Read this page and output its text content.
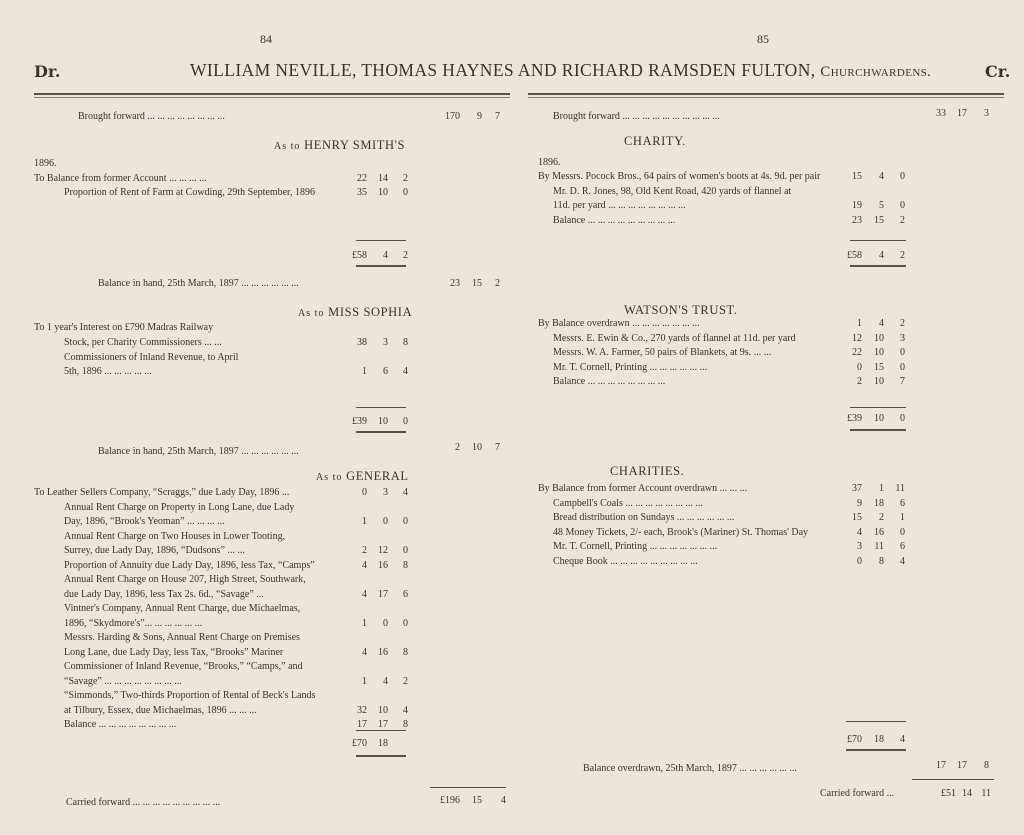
84	85
Dr.	Cr.
WILLIAM NEVILLE, THOMAS HAYNES AND RICHARD RAMSDEN FULTON, Churchwardens.
Brought forward ... ... ... ... ... ... ... ...	170	9	7
As to HENRY SMITH'S
1896.
To Balance from former Account ... ... ... ...	22	14	2
Proportion of Rent of Farm at Cowding, 29th September, 1896	35	10	0
£58	4	2
Balance in hand, 25th March, 1897 ... ... ... ... ... ...	23	15	2
As to MISS SOPHIA
To 1 year's Interest on £790 Madras Railway
Stock, per Charity Commissioners ... ...	38	3	8
Commissioners of Inland Revenue, to April
5th, 1896 ... ... ... ... ...	1	6	4
£39	10	0
Balance in hand, 25th March, 1897 ... ... ... ... ... ...	2	10	7
As to GENERAL
To Leather Sellers Company, “Scraggs,” due Lady Day, 1896 ...	0	3	4
Annual Rent Charge on Property in Long Lane, due Lady
Day, 1896, “Brook's Yeoman” ... ... ... ...	1	0	0
Annual Rent Charge on Two Houses in Lower Tooting,
Surrey, due Lady Day, 1896, “Dudsons” ... ...	2	12	0
Proportion of Annuity due Lady Day, 1896, less Tax, “Camps”	4	16	8
Annual Rent Charge on House 207, High Street, Southwark,
due Lady Day, 1896, less Tax 2s. 6d., “Savage” ...	4	17	6
Vintner's Company, Annual Rent Charge, due Michaelmas,
1896, “Skydmore's”... ... ... ... ... ...	1	0	0
Messrs. Harding & Sons, Annual Rent Charge on Premises
Long Lane, due Lady Day, less Tax, “Brooks” Mariner	4	16	8
Commissioner of Inland Revenue, “Brooks,” “Camps,” and
“Savage” ... ... ... ... ... ... ... ...	1	4	2
“Simmonds,” Two-thirds Proportion of Rental of Beck's Lands
at Tilbury, Essex, due Michaelmas, 1896 ... ... ...	32	10	4
Balance ... ... ... ... ... ... ... ...	17	17	8
£70	18
Carried forward ... ... ... ... ... ... ... ... ...	£196	15	4
Brought forward ... ... ... ... ... ... ... ... ... ...	33	17	3
CHARITY.
1896.
By Messrs. Pocock Bros., 64 pairs of women's boots at 4s. 9d. per pair	15	4	0
Mr. D. R. Jones, 98, Old Kent Road, 420 yards of flannel at
11d. per yard ... ... ... ... ... ... ... ...	19	5	0
Balance ... ... ... ... ... ... ... ... ...	23	15	2
£58	4	2
WATSON'S TRUST.
By Balance overdrawn ... ... ... ... ... ... ...	1	4	2
Messrs. E. Ewin & Co., 270 yards of flannel at 11d. per yard	12	10	3
Messrs. W. A. Farmer, 50 pairs of Blankets, at 9s. ... ...	22	10	0
Mr. T. Cornell, Printing ... ... ... ... ... ...	0	15	0
Balance ... ... ... ... ... ... ... ...	2	10	7
£39	10	0
CHARITIES.
By Balance from former Account overdrawn ... ... ...	37	1	11
Campbell's Coals ... ... ... ... ... ... ... ...	9	18	6
Bread distribution on Sundays ... ... ... ... ... ...	15	2	1
48 Money Tickets, 2/- each, Brook's (Mariner) St. Thomas' Day	4	16	0
Mr. T. Cornell, Printing ... ... ... ... ... ... ...	3	11	6
Cheque Book ... ... ... ... ... ... ... ... ...	0	8	4
£70	18	4
Balance overdrawn, 25th March, 1897 ... ... ... ... ... ...	17	17	8
Carried forward ...	£51 14 11
